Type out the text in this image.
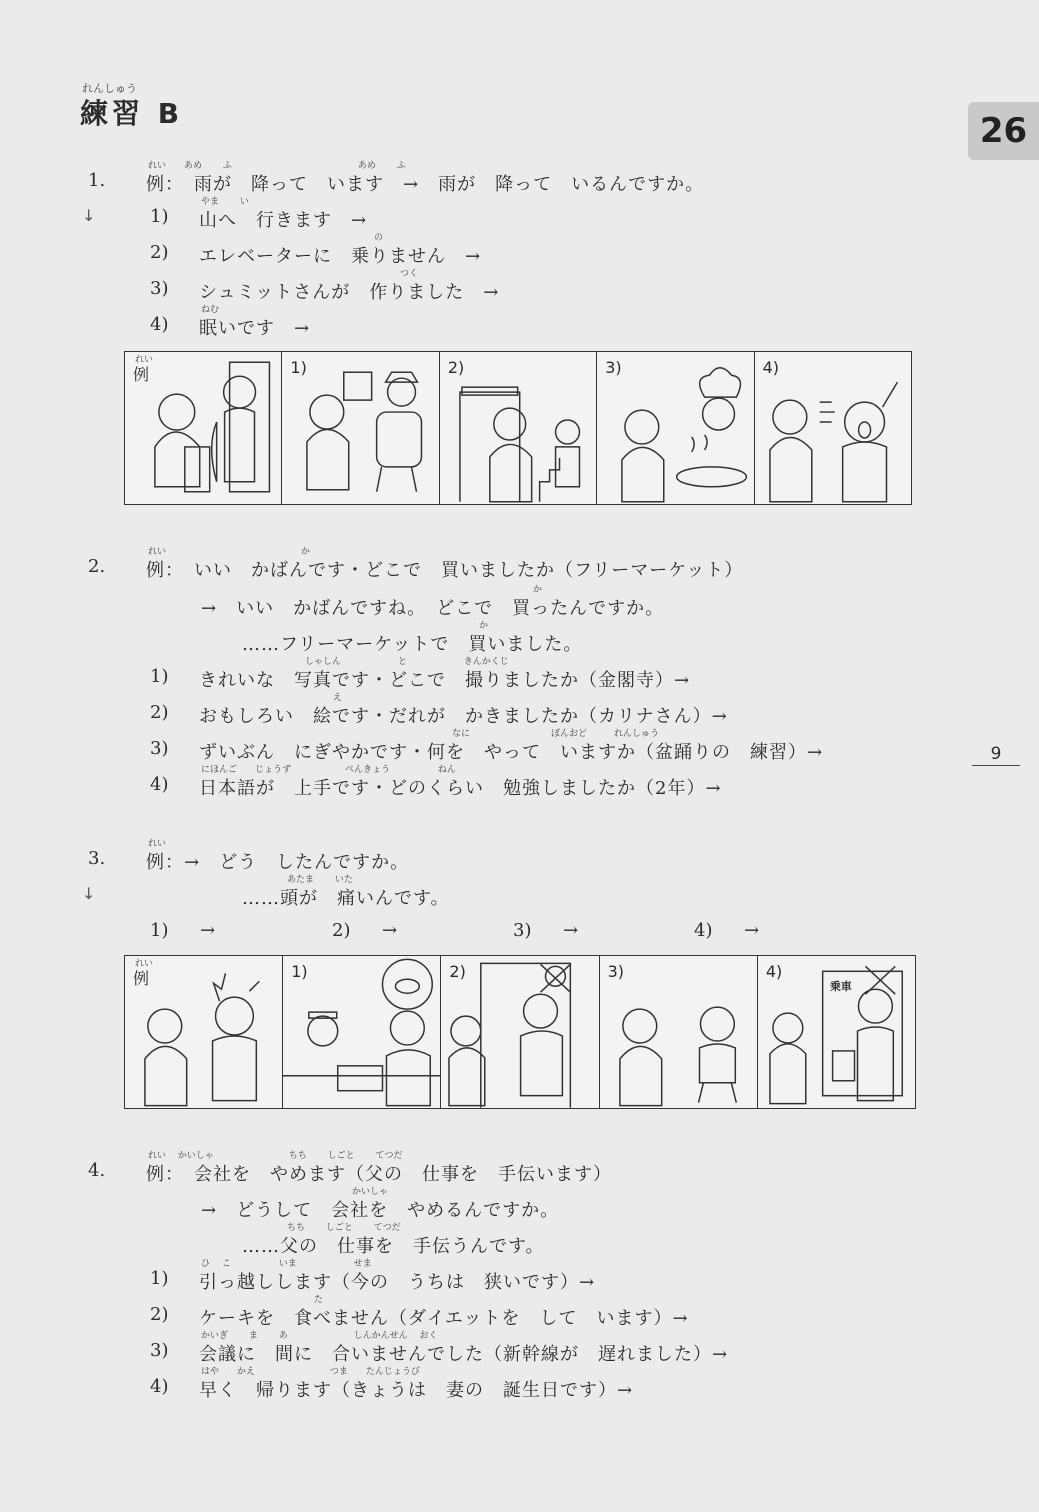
れんしゅう
練習 B	26
9
1.
れい　　あめ　　 ふ　　　　　　　　　　　　　　あめ　　 ふ
例：　雨が　降って　います　→　雨が　降って　いるんですか。
↓	1)
やま　　 い
山へ　行きます　→
2)
の
エレベーターに　乗りません　→
3)
つく
シュミットさんが　作りました　→
4)
ねむ
眠いです　→
れい
例	1)	2)	3)	4)
2.
れい　　　　　　　　　　　　　　　か
例：　いい　かばんです・どこで　買いましたか（フリーマーケット）
か
→　いい　かばんですね。　どこで　買ったんですか。
か
……フリーマーケットで　買いました。
1)
しゃしん　　　　　　 と　　　　　　 きんかくじ
きれいな　写真です・どこで　撮りましたか（金閣寺）→
2)
え
おもしろい　絵です・だれが　かきましたか（カリナさん）→
3)
なに　　　　　　　　　ぼんおど　　　れんしゅう
ずいぶん　にぎやかです・何を　やって　いますか（盆踊りの　練習）→
4)
にほんご　　じょうず　　　　　　べんきょう　　　　　 ねん
日本語が　上手です・どのくらい　勉強しましたか（2年）→
3.
れい
例：→　どう　したんですか。
↓
あたま　　 いた
……頭が　痛いんです。
1) →	2) →	3) →	4) →
れい
例	1)	2)	3)	4)
乗車
4.
れい　 かいしゃ　　　　　　　　 ちち　　 しごと　　 てつだ
例：　会社を　やめます（父の　仕事を　手伝います）
かいしゃ
→　どうして　会社を　やめるんですか。
ちち　　 しごと　　 てつだ
……父の　仕事を　手伝うんです。
1)
ひ　 こ　　　　　 いま　　　　　　 せま
引っ越しします（今の　うちは　狭いです）→
2)
た
ケーキを　食べません（ダイエットを　して　います）→
3)
かいぎ　　 ま　　 あ　　　　　　　 しんかんせん　 おく
会議に　間に　合いませんでした（新幹線が　遅れました）→
4)
はや　　かえ　　　　　　　　 つま　　たんじょうび
早く　帰ります（きょうは　妻の　誕生日です）→
